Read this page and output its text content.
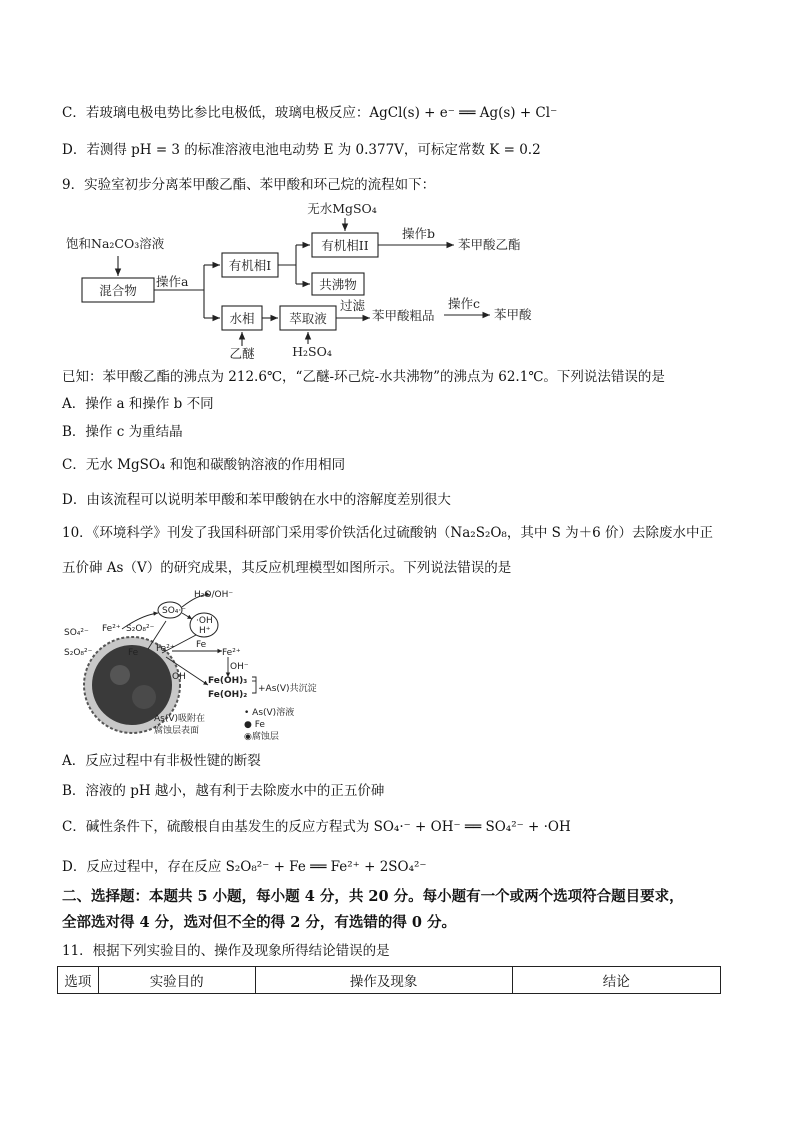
C．若玻璃电极电势比参比电极低，玻璃电极反应：AgCl(s) + e⁻ ══ Ag(s) + Cl⁻
D．若测得 pH = 3 的标准溶液电池电动势 E 为 0.377V，可标定常数 K = 0.2
9．实验室初步分离苯甲酸乙酯、苯甲酸和环己烷的流程如下：
无水MgSO₄
饱和Na₂CO₃溶液
混合物
操作a
有机相I
有机相II
操作b
苯甲酸乙酯
共沸物
水相	萃取液
过滤
苯甲酸粗品
操作c
苯甲酸
乙醚	H₂SO₄
已知：苯甲酸乙酯的沸点为 212.6℃，“乙醚-环己烷-水共沸物”的沸点为 62.1℃。下列说法错误的是
A．操作 a 和操作 b 不同
B．操作 c 为重结晶
C．无水 MgSO₄ 和饱和碳酸钠溶液的作用相同
D．由该流程可以说明苯甲酸和苯甲酸钠在水中的溶解度差别很大
10．《环境科学》刊发了我国科研部门采用零价铁活化过硫酸钠（Na₂S₂O₈，其中 S 为＋6 价）去除废水中正
五价砷 As（V）的研究成果，其反应机理模型如图所示。下列说法错误的是
SO₄²⁻
S₂O₈²⁻
Fe²⁺ S₂O₈²⁻
SO₄·⁻
H₂O/OH⁻
·OH
H⁺
Fe Fe²⁺ Fe
Fe²⁺
OH⁻
OH Fe(OH)₃
Fe(OH)₂
+As(V)共沉淀
As(V)吸附在
腐蚀层表面
• As(V)溶液
● Fe
◉腐蚀层
A．反应过程中有非极性键的断裂
B．溶液的 pH 越小，越有利于去除废水中的正五价砷
C．碱性条件下，硫酸根自由基发生的反应方程式为 SO₄·⁻ + OH⁻ ══ SO₄²⁻ + ·OH
D．反应过程中，存在反应 S₂O₈²⁻ + Fe ══ Fe²⁺ + 2SO₄²⁻
二、选择题：本题共 5 小题，每小题 4 分，共 20 分。每小题有一个或两个选项符合题目要求，
全部选对得 4 分，选对但不全的得 2 分，有选错的得 0 分。
11．根据下列实验目的、操作及现象所得结论错误的是
选项	实验目的	操作及现象	结论
